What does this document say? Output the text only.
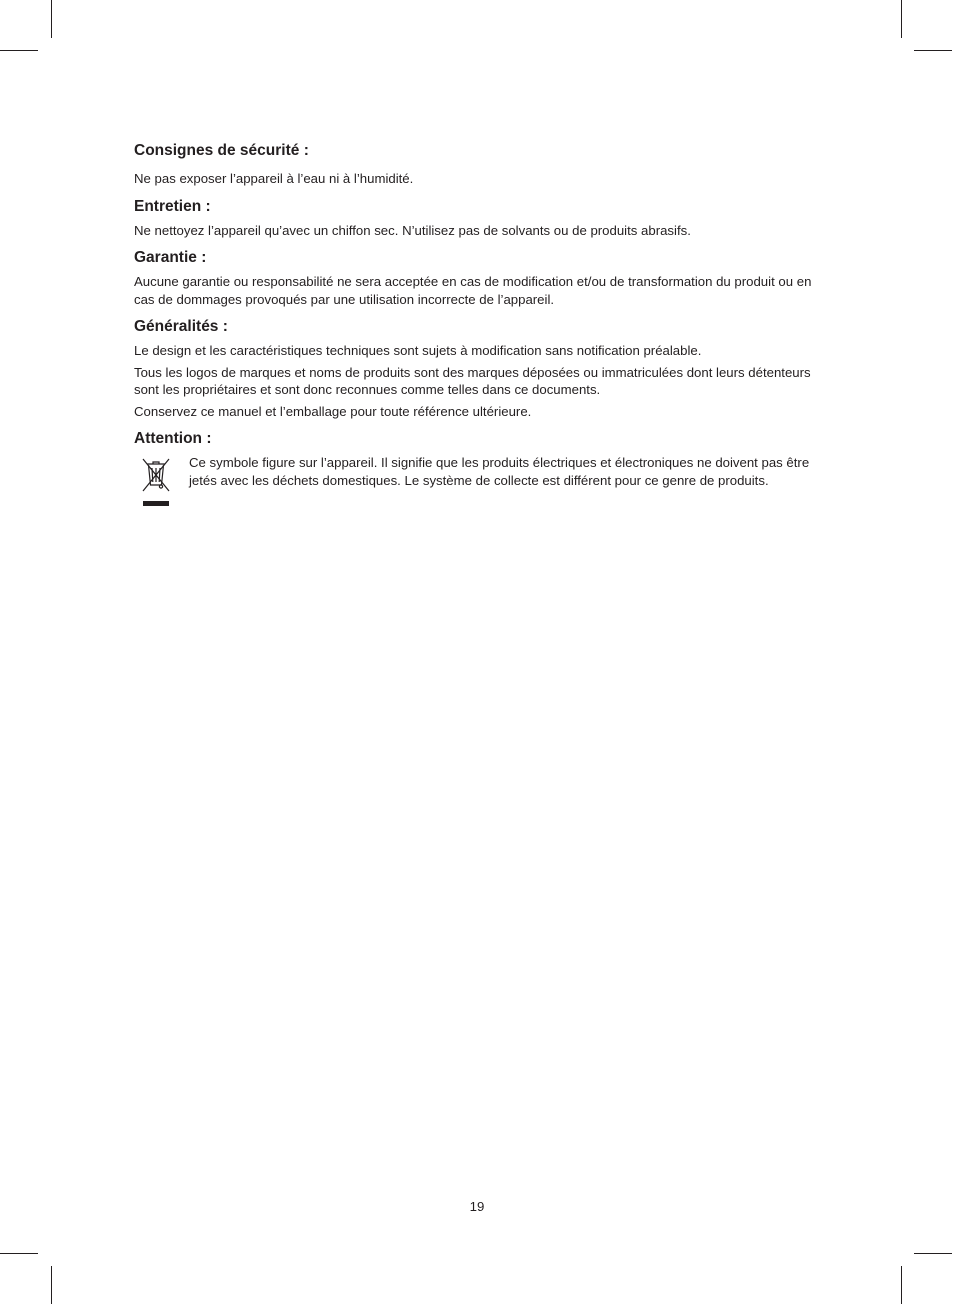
Consignes de sécurité :

Ne pas exposer l’appareil à l’eau ni à l’humidité.

Entretien :

Ne nettoyez l’appareil qu’avec un chiffon sec. N’utilisez pas de solvants ou de produits abrasifs.

Garantie :

Aucune garantie ou responsabilité ne sera acceptée en cas de modification et/ou de transformation du produit ou en cas de dommages provoqués par une utilisation incorrecte de l’appareil.

Généralités :

Le design et les caractéristiques techniques sont sujets à modification sans notification préalable.

Tous les logos de marques et noms de produits sont des marques déposées ou immatriculées dont leurs détenteurs sont les propriétaires et sont donc reconnues comme telles dans ce documents.

Conservez ce manuel et l’emballage pour toute référence ultérieure.

Attention :

Ce symbole figure sur l’appareil. Il signifie que les produits électriques et électroniques ne doivent pas être jetés avec les déchets domestiques. Le système de collecte est différent pour ce genre de produits.

19
